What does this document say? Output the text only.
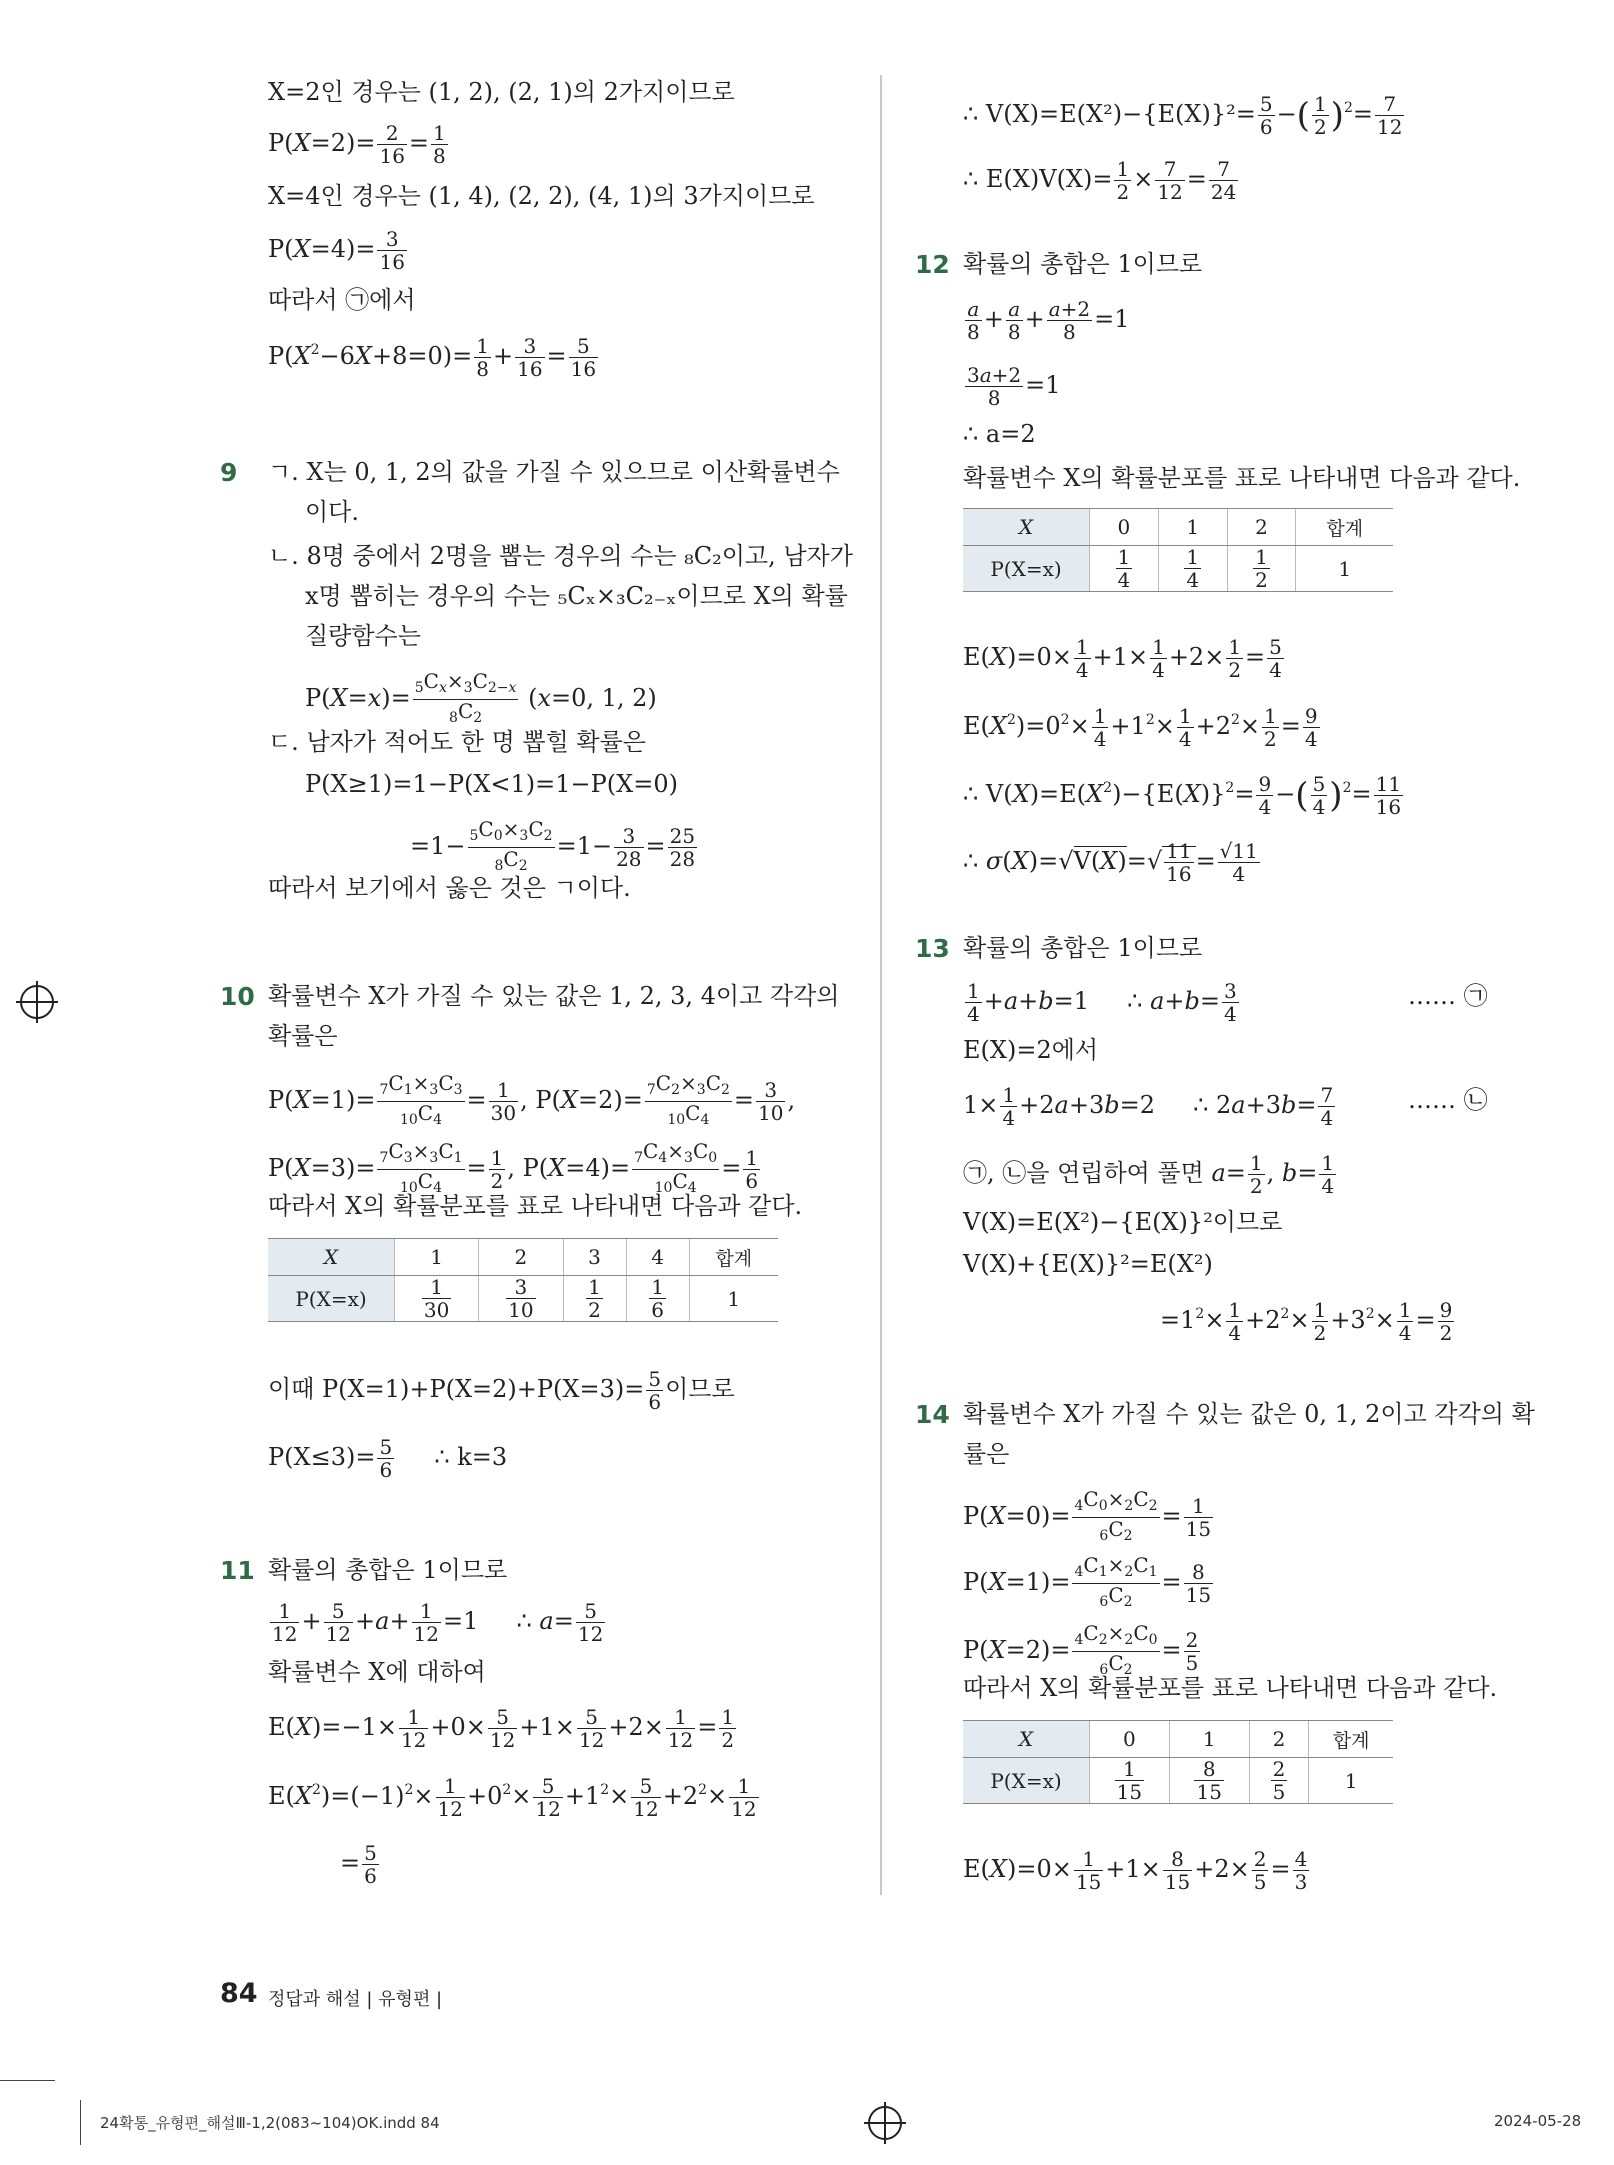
X=2인 경우는 (1, 2), (2, 1)의 2가지이므로
$P(X=2)= \frac{2}{16} = \frac{1}{8}$
X=4인 경우는 (1, 4), (2, 2), (4, 1)의 3가지이므로
$P(X=4)= \frac{3}{16}$
따라서 ㉠에서
$P(X^2-6X+8=0)= \frac{1}{8} + \frac{3}{16} = \frac{5}{16}$
9 ㄱ. X는 0, 1, 2의 값을 가질 수 있으므로 이산확률변수
이다.
ㄴ. 8명 중에서 2명을 뽑는 경우의 수는 ₈C₂이고, 남자가
x명 뽑히는 경우의 수는 ₅Cₓ×₃C₂₋ₓ이므로 X의 확률
질량함수는
$P(X=x)= \frac{_5C_x\times_3C_{2-x}}{_8C_2} (x=0$, 1, 2)
ㄷ. 남자가 적어도 한 명 뽑힐 확률은
P(X≥1)=1−P(X<1)=1−P(X=0)
$=1- \frac{_5C_0\times_3C_2}{_8C_2} =1- \frac{3}{28} = \frac{25}{28}$
따라서 보기에서 옳은 것은 ㄱ이다.
10 확률변수 X가 가질 수 있는 값은 1, 2, 3, 4이고 각각의
확률은
$P(X=1)= \frac{_7C_1\times_3C_3}{_{10}C_4} = \frac{1}{30}$ , $P(X=2)= \frac{_7C_2\times_3C_2}{_{10}C_4} = \frac{3}{10}$ ,
$P(X=3)= \frac{_7C_3\times_3C_1}{_{10}C_4} = \frac{1}{2}$ , $P(X=4)= \frac{_7C_4\times_3C_0}{_{10}C_4} = \frac{1}{6}$
따라서 X의 확률분포를 표로 나타내면 다음과 같다.
X	1	2	3	4	합계
P(X=x)	$\frac{1}{30}$	$\frac{3}{10}$	$\frac{1}{2}$	$\frac{1}{6}$	1
이때 $P(X=1)+P(X=2)+P(X=3)= \frac{5}{6}$ 이므로
$P(X\le 3)= \frac{5}{6}$ ∴ k=3
11 확률의 총합은 1이므로
$\frac{1}{12} + \frac{5}{12} +a+ \frac{1}{12} =1$     ∴ $a= \frac{5}{12}$
확률변수 X에 대하여
$E(X)=-1\times \frac{1}{12} +0\times \frac{5}{12} +1\times \frac{5}{12} +2\times \frac{1}{12} = \frac{1}{2}$
$E(X^2)=(-1)^2\times \frac{1}{12} +0^2\times \frac{5}{12} +1^2\times \frac{5}{12} +2^2\times \frac{1}{12}$
= $\frac{5}{6}$
∴ $V(X)=E(X^2)-\{E(X)\}^2= \frac{5}{6}$ −( $\frac{1}{2} )^2= \frac{7}{12}$
∴ $E(X)V(X)= \frac{1}{2} \times \frac{7}{12} = \frac{7}{24}$
12 확률의 총합은 1이므로
$\frac{a}{8} + \frac{a}{8} + \frac{a+2}{8} =1$
$\frac{3a+2}{8} =1$
∴ a=2
확률변수 X의 확률분포를 표로 나타내면 다음과 같다.
X	0	1	2	합계
P(X=x)	$\frac{1}{4}$	$\frac{1}{4}$	$\frac{1}{2}$	1
$E(X)=0\times \frac{1}{4} +1\times \frac{1}{4} +2\times \frac{1}{2} = \frac{5}{4}$
$E(X^2)=0^2\times \frac{1}{4} +1^2\times \frac{1}{4} +2^2\times \frac{1}{2} = \frac{9}{4}$
∴ $V(X)=E(X^2)-\{E(X)\}^2= \frac{9}{4}$ −( $\frac{5}{4} )^2= \frac{11}{16}$
∴ $\sigma(X)=√V(X)=√ \frac{11}{16} = \frac{√11}{4}$
13 확률의 총합은 1이므로
$\frac{1}{4} +a+b=1$     ∴ $a+b= \frac{3}{4}$	…… ㉠
E(X)=2에서
$1\times \frac{1}{4} +2a+3b=2$     ∴ $2a+3b= \frac{7}{4}$	…… ㉡
㉠, ㉡을 연립하여 풀면 $a= \frac{1}{2}$ , $b= \frac{1}{4}$
V(X)=E(X²)−{E(X)}²이므로
V(X)+{E(X)}²=E(X²)
$=1^2\times \frac{1}{4} +2^2\times \frac{1}{2} +3^2\times \frac{1}{4} = \frac{9}{2}$
14 확률변수 X가 가질 수 있는 값은 0, 1, 2이고 각각의 확
률은
$P(X=0)= \frac{_4C_0\times_2C_2}{_6C_2} = \frac{1}{15}$
$P(X=1)= \frac{_4C_1\times_2C_1}{_6C_2} = \frac{8}{15}$
$P(X=2)= \frac{_4C_2\times_2C_0}{_6C_2} = \frac{2}{5}$
따라서 X의 확률분포를 표로 나타내면 다음과 같다.
X	0	1	2	합계
P(X=x)	$\frac{1}{15}$	$\frac{8}{15}$	$\frac{2}{5}$	1
$E(X)=0\times \frac{1}{15} +1\times \frac{8}{15} +2\times \frac{2}{5} = \frac{4}{3}$
84 정답과 해설 | 유형편 |
24확통_유형편_해설Ⅲ-1,2(083~104)OK.indd 84	2024-05-28
